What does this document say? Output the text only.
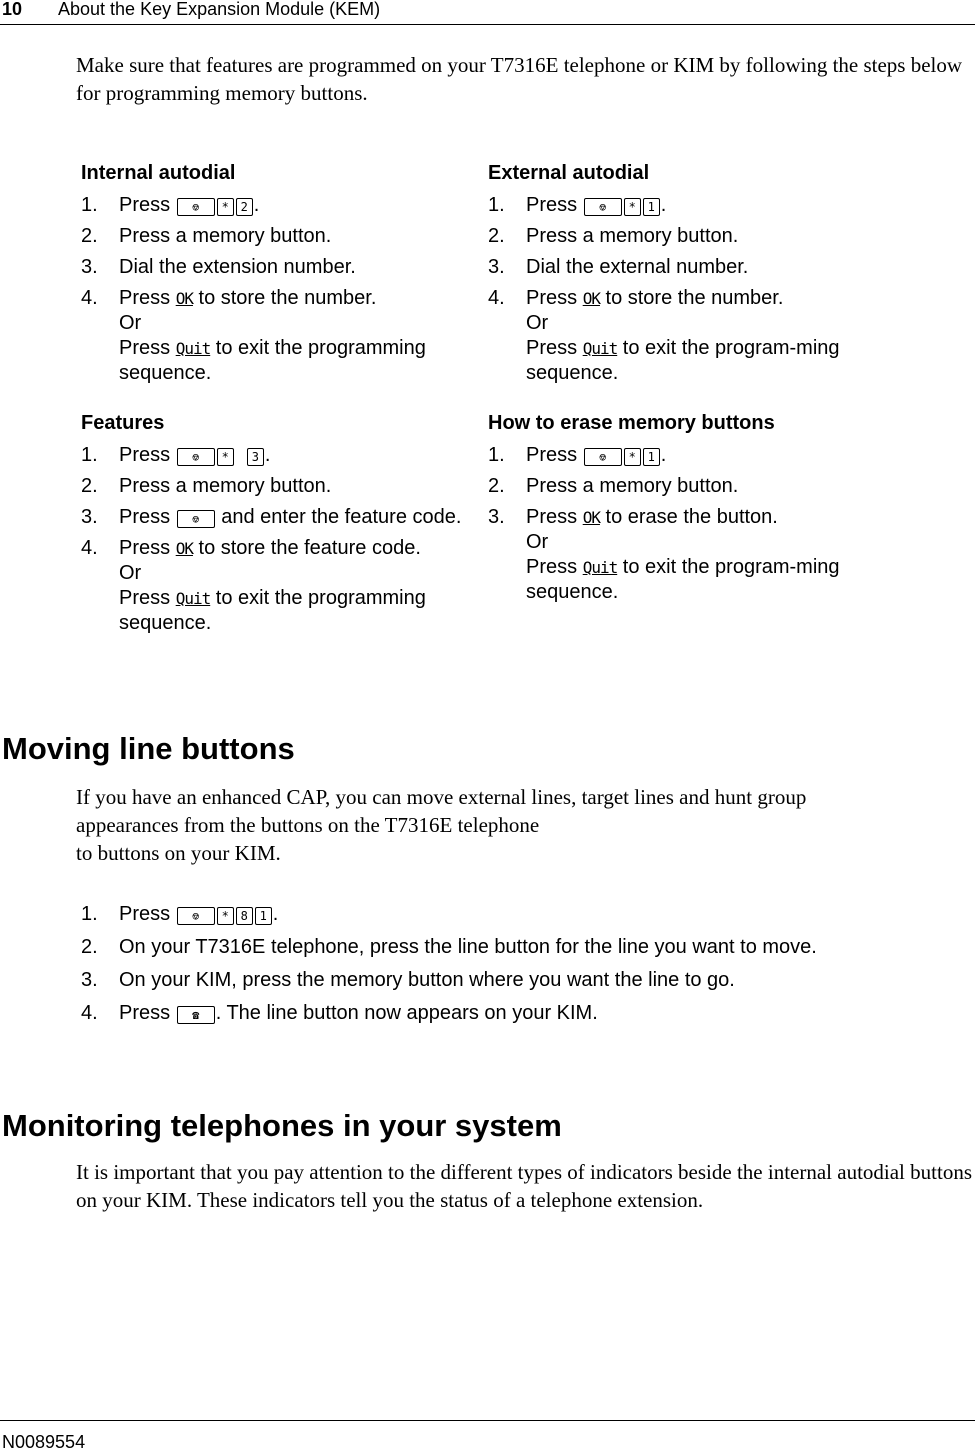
10 About the Key Expansion Module (KEM)

Make sure that features are programmed on your T7316E telephone or KIM by following the steps below for programming memory buttons.

Internal autodial
1. Press ⎊ * 2 .
2. Press a memory button.
3. Dial the extension number.
4. Press OK to store the number.
Or
Press Quit to exit the programming sequence.
External autodial
1. Press ⎊ * 1 .
2. Press a memory button.
3. Dial the external number.
4. Press OK to store the number.
Or
Press Quit to exit the program-ming sequence.
Features
1. Press ⎊ * 3 .
2. Press a memory button.
3. Press ⎊ and enter the feature code.
4. Press OK to store the feature code.
Or
Press Quit to exit the programming sequence.
How to erase memory buttons
1. Press ⎊ * 1 .
2. Press a memory button.
3. Press OK to erase the button.
Or
Press Quit to exit the program-ming sequence.
Moving line buttons
If you have an enhanced CAP, you can move external lines, target lines and hunt group
appearances from the buttons on the T7316E telephone
to buttons on your KIM.
1. Press ⎊ * 8 1 .
2. On your T7316E telephone, press the line button for the line you want to move.
3. On your KIM, press the memory button where you want the line to go.
4. Press ☎ . The line button now appears on your KIM.
Monitoring telephones in your system

It is important that you pay attention to the different types of indicators beside the internal autodial buttons on your KIM. These indicators tell you the status of a telephone extension.

N0089554
